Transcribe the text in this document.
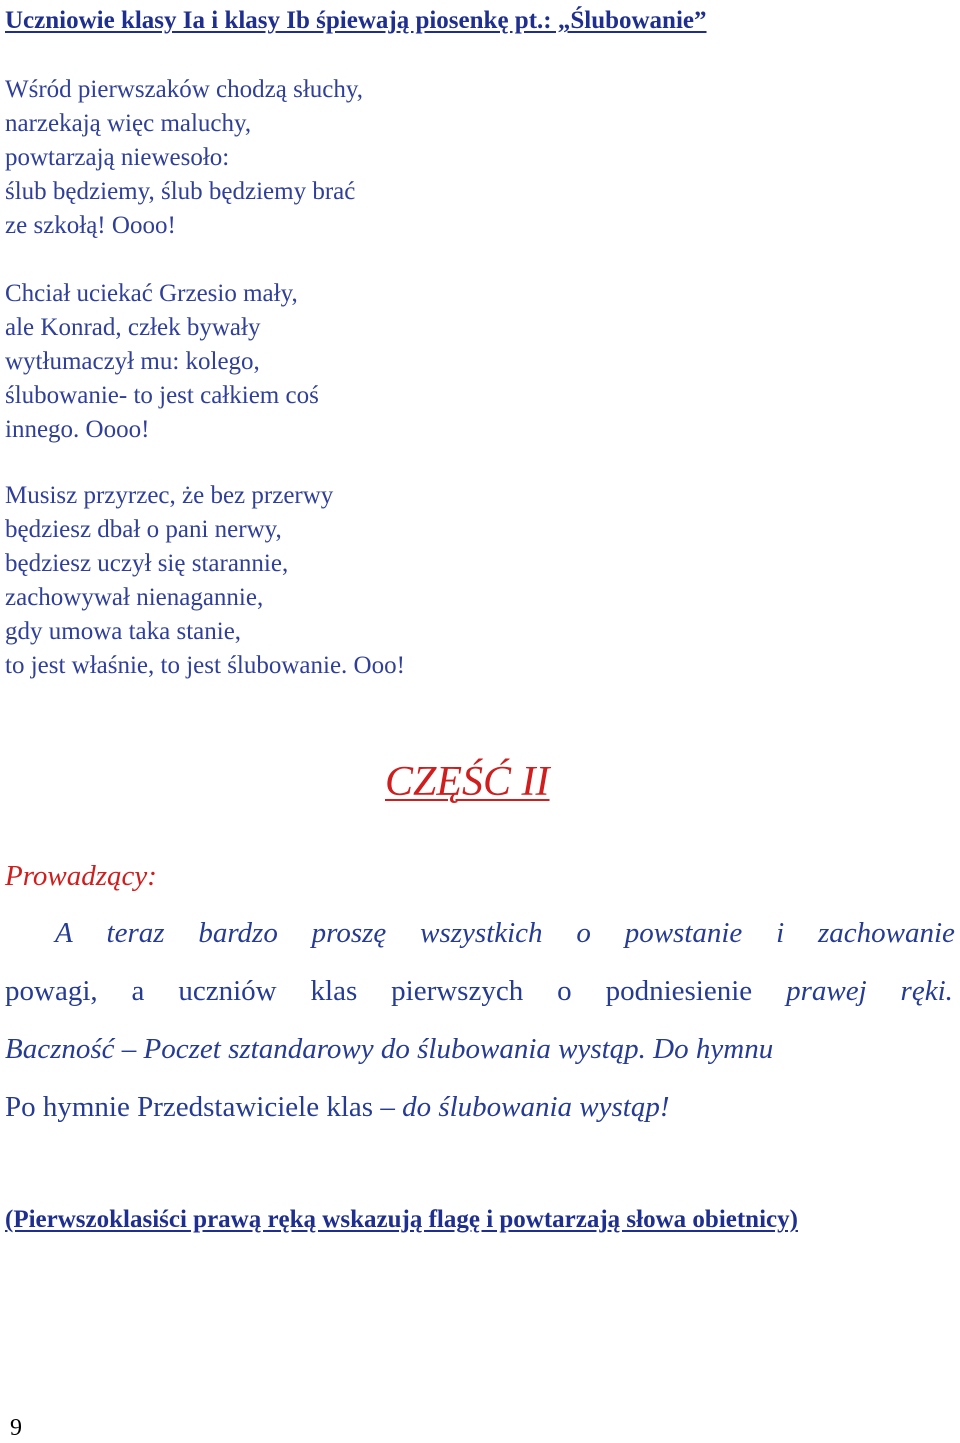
Uczniowie klasy Ia i klasy Ib śpiewają piosenkę pt.: „Ślubowanie”
Wśród pierwszaków chodzą słuchy,
narzekają więc maluchy,
powtarzają niewesoło:
ślub będziemy, ślub będziemy brać
ze szkołą! Oooo!
Chciał uciekać Grzesio mały,
ale Konrad, człek bywały
wytłumaczył mu: kolego,
ślubowanie- to jest całkiem coś
innego. Oooo!
Musisz przyrzec, że bez przerwy
będziesz dbał o pani nerwy,
będziesz uczył się starannie,
zachowywał nienagannie,
gdy umowa taka stanie,
to jest właśnie, to jest ślubowanie. Ooo!
CZĘŚĆ II
Prowadzący:
A teraz bardzo proszę wszystkich o powstanie i zachowanie
powagi, a uczniów klas pierwszych o podniesienie prawej ręki.
Baczność – Poczet sztandarowy do ślubowania wystąp. Do hymnu
Po hymnie Przedstawiciele klas – do ślubowania wystąp!
(Pierwszoklasiści prawą ręką wskazują flagę i powtarzają słowa obietnicy)
9
